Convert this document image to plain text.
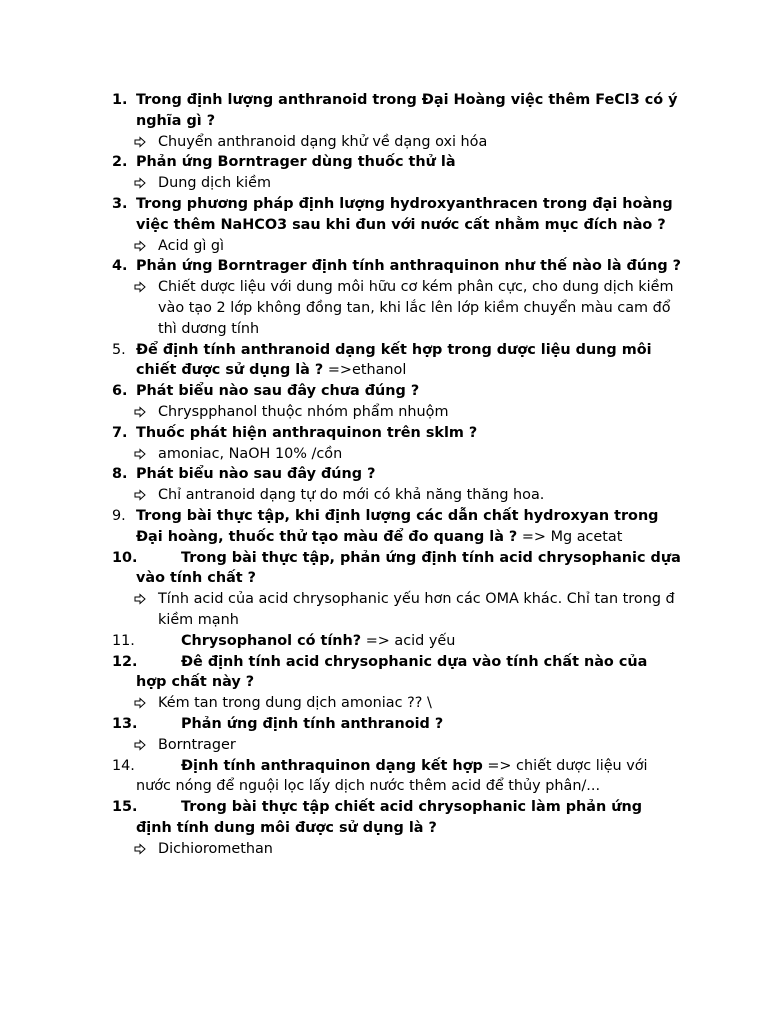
1. Trong định lượng anthranoid trong Đại Hoàng việc thêm FeCl3 có ý nghĩa gì ?
Chuyển anthranoid dạng khử về dạng oxi hóa
2. Phản ứng Borntrager dùng thuốc thử là
Dung dịch kiềm
3. Trong phương pháp định lượng hydroxyanthracen trong đại hoàng việc thêm NaHCO3 sau khi đun với nước cất nhằm mục đích nào ?
Acid gì gì
4. Phản ứng Borntrager định tính anthraquinon như thế nào là đúng ?
Chiết dược liệu với dung môi hữu cơ kém phân cực, cho dung dịch kiềm vào tạo 2 lớp không đồng tan, khi lắc lên lớp kiềm chuyển màu cam đổ thì dương tính
5. Để định tính anthranoid dạng kết hợp trong dược liệu dung môi chiết được sử dụng là ? =>ethanol
6. Phát biểu nào sau đây chưa đúng ?
Chryspphanol thuộc nhóm phẩm nhuộm
7. Thuốc phát hiện anthraquinon trên sklm ?
amoniac, NaOH 10% /cồn
8. Phát biểu nào sau đây đúng ?
Chỉ antranoid dạng tự do mới có khả năng thăng hoa.
9. Trong bài thực tập, khi định lượng các dẫn chất hydroxyan trong Đại hoàng, thuốc thử tạo màu để đo quang là ? => Mg acetat
10.	Trong bài thực tập, phản ứng định tính acid chrysophanic dựa vào tính chất ?
Tính acid của acid chrysophanic yếu hơn các OMA khác. Chỉ tan trong đ kiềm mạnh
11.	Chrysophanol có tính? => acid yếu
12.	Đê định tính acid chrysophanic dựa vào tính chất nào của hợp chất này ?
Kém tan trong dung dịch amoniac ?? \
13.	Phản ứng định tính anthranoid ?
Borntrager
14.	Định tính anthraquinon dạng kết hợp => chiết dược liệu với nước nóng để nguội lọc lấy dịch nước thêm acid để thủy phân/...
15.	Trong bài thực tập chiết acid chrysophanic làm phản ứng định tính dung môi được sử dụng là ?
Dichioromethan
